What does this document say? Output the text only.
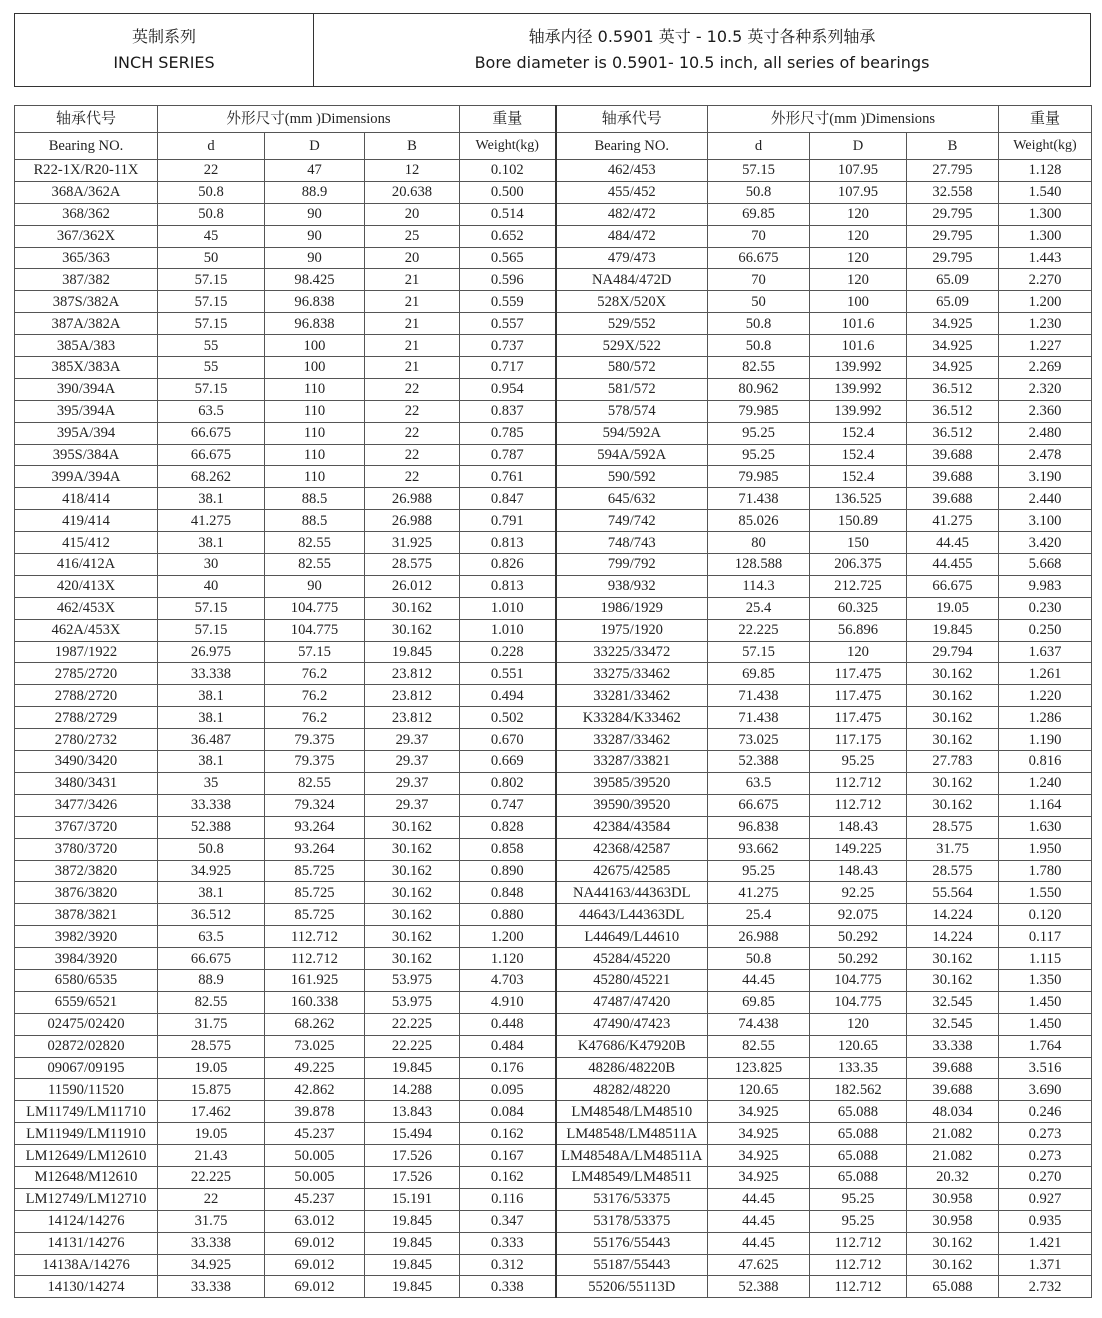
英制系列
INCH SERIES
轴承内径 0.5901 英寸 - 10.5 英寸各种系列轴承
Bore diameter is 0.5901- 10.5 inch, all series of bearings
轴承代号	外形尺寸(mm )Dimensions			重量	轴承代号	外形尺寸(mm )Dimensions			重量
Bearing NO.	d	D	B	Weight(kg)	Bearing NO.	d	D	B	Weight(kg)
R22-1X/R20-11X	22	47	12	0.102	462/453	57.15	107.95	27.795	1.128
368A/362A	50.8	88.9	20.638	0.500	455/452	50.8	107.95	32.558	1.540
368/362	50.8	90	20	0.514	482/472	69.85	120	29.795	1.300
367/362X	45	90	25	0.652	484/472	70	120	29.795	1.300
365/363	50	90	20	0.565	479/473	66.675	120	29.795	1.443
387/382	57.15	98.425	21	0.596	NA484/472D	70	120	65.09	2.270
387S/382A	57.15	96.838	21	0.559	528X/520X	50	100	65.09	1.200
387A/382A	57.15	96.838	21	0.557	529/552	50.8	101.6	34.925	1.230
385A/383	55	100	21	0.737	529X/522	50.8	101.6	34.925	1.227
385X/383A	55	100	21	0.717	580/572	82.55	139.992	34.925	2.269
390/394A	57.15	110	22	0.954	581/572	80.962	139.992	36.512	2.320
395/394A	63.5	110	22	0.837	578/574	79.985	139.992	36.512	2.360
395A/394	66.675	110	22	0.785	594/592A	95.25	152.4	36.512	2.480
395S/384A	66.675	110	22	0.787	594A/592A	95.25	152.4	39.688	2.478
399A/394A	68.262	110	22	0.761	590/592	79.985	152.4	39.688	3.190
418/414	38.1	88.5	26.988	0.847	645/632	71.438	136.525	39.688	2.440
419/414	41.275	88.5	26.988	0.791	749/742	85.026	150.89	41.275	3.100
415/412	38.1	82.55	31.925	0.813	748/743	80	150	44.45	3.420
416/412A	30	82.55	28.575	0.826	799/792	128.588	206.375	44.455	5.668
420/413X	40	90	26.012	0.813	938/932	114.3	212.725	66.675	9.983
462/453X	57.15	104.775	30.162	1.010	1986/1929	25.4	60.325	19.05	0.230
462A/453X	57.15	104.775	30.162	1.010	1975/1920	22.225	56.896	19.845	0.250
1987/1922	26.975	57.15	19.845	0.228	33225/33472	57.15	120	29.794	1.637
2785/2720	33.338	76.2	23.812	0.551	33275/33462	69.85	117.475	30.162	1.261
2788/2720	38.1	76.2	23.812	0.494	33281/33462	71.438	117.475	30.162	1.220
2788/2729	38.1	76.2	23.812	0.502	K33284/K33462	71.438	117.475	30.162	1.286
2780/2732	36.487	79.375	29.37	0.670	33287/33462	73.025	117.175	30.162	1.190
3490/3420	38.1	79.375	29.37	0.669	33287/33821	52.388	95.25	27.783	0.816
3480/3431	35	82.55	29.37	0.802	39585/39520	63.5	112.712	30.162	1.240
3477/3426	33.338	79.324	29.37	0.747	39590/39520	66.675	112.712	30.162	1.164
3767/3720	52.388	93.264	30.162	0.828	42384/43584	96.838	148.43	28.575	1.630
3780/3720	50.8	93.264	30.162	0.858	42368/42587	93.662	149.225	31.75	1.950
3872/3820	34.925	85.725	30.162	0.890	42675/42585	95.25	148.43	28.575	1.780
3876/3820	38.1	85.725	30.162	0.848	NA44163/44363DL	41.275	92.25	55.564	1.550
3878/3821	36.512	85.725	30.162	0.880	44643/L44363DL	25.4	92.075	14.224	0.120
3982/3920	63.5	112.712	30.162	1.200	L44649/L44610	26.988	50.292	14.224	0.117
3984/3920	66.675	112.712	30.162	1.120	45284/45220	50.8	50.292	30.162	1.115
6580/6535	88.9	161.925	53.975	4.703	45280/45221	44.45	104.775	30.162	1.350
6559/6521	82.55	160.338	53.975	4.910	47487/47420	69.85	104.775	32.545	1.450
02475/02420	31.75	68.262	22.225	0.448	47490/47423	74.438	120	32.545	1.450
02872/02820	28.575	73.025	22.225	0.484	K47686/K47920B	82.55	120.65	33.338	1.764
09067/09195	19.05	49.225	19.845	0.176	48286/48220B	123.825	133.35	39.688	3.516
11590/11520	15.875	42.862	14.288	0.095	48282/48220	120.65	182.562	39.688	3.690
LM11749/LM11710	17.462	39.878	13.843	0.084	LM48548/LM48510	34.925	65.088	48.034	0.246
LM11949/LM11910	19.05	45.237	15.494	0.162	LM48548/LM48511A	34.925	65.088	21.082	0.273
LM12649/LM12610	21.43	50.005	17.526	0.167	LM48548A/LM48511A	34.925	65.088	21.082	0.273
M12648/M12610	22.225	50.005	17.526	0.162	LM48549/LM48511	34.925	65.088	20.32	0.270
LM12749/LM12710	22	45.237	15.191	0.116	53176/53375	44.45	95.25	30.958	0.927
14124/14276	31.75	63.012	19.845	0.347	53178/53375	44.45	95.25	30.958	0.935
14131/14276	33.338	69.012	19.845	0.333	55176/55443	44.45	112.712	30.162	1.421
14138A/14276	34.925	69.012	19.845	0.312	55187/55443	47.625	112.712	30.162	1.371
14130/14274	33.338	69.012	19.845	0.338	55206/55113D	52.388	112.712	65.088	2.732
